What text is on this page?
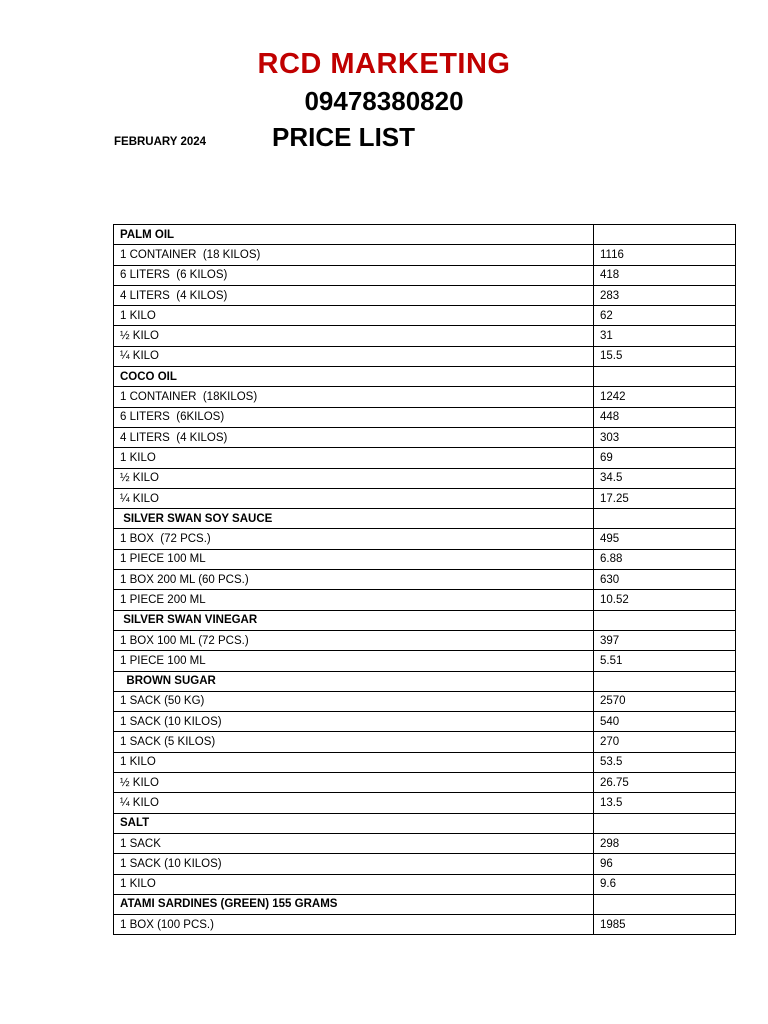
RCD MARKETING
09478380820
FEBRUARY 2024	PRICE LIST
PALM OIL	
1 CONTAINER  (18 KILOS)	1116
6 LITERS  (6 KILOS)	418
4 LITERS  (4 KILOS)	283
1 KILO	62
½ KILO	31
¼ KILO	15.5
COCO OIL	
1 CONTAINER  (18KILOS)	1242
6 LITERS  (6KILOS)	448
4 LITERS  (4 KILOS)	303
1 KILO	69
½ KILO	34.5
¼ KILO	17.25
SILVER SWAN SOY SAUCE	
1 BOX  (72 PCS.)	495
1 PIECE 100 ML	6.88
1 BOX 200 ML (60 PCS.)	630
1 PIECE 200 ML	10.52
SILVER SWAN VINEGAR	
1 BOX 100 ML (72 PCS.)	397
1 PIECE 100 ML	5.51
BROWN SUGAR	
1 SACK (50 KG)	2570
1 SACK (10 KILOS)	540
1 SACK (5 KILOS)	270
1 KILO	53.5
½ KILO	26.75
¼ KILO	13.5
SALT	
1 SACK	298
1 SACK (10 KILOS)	96
1 KILO	9.6
ATAMI SARDINES (GREEN) 155 GRAMS	
1 BOX (100 PCS.)	1985
